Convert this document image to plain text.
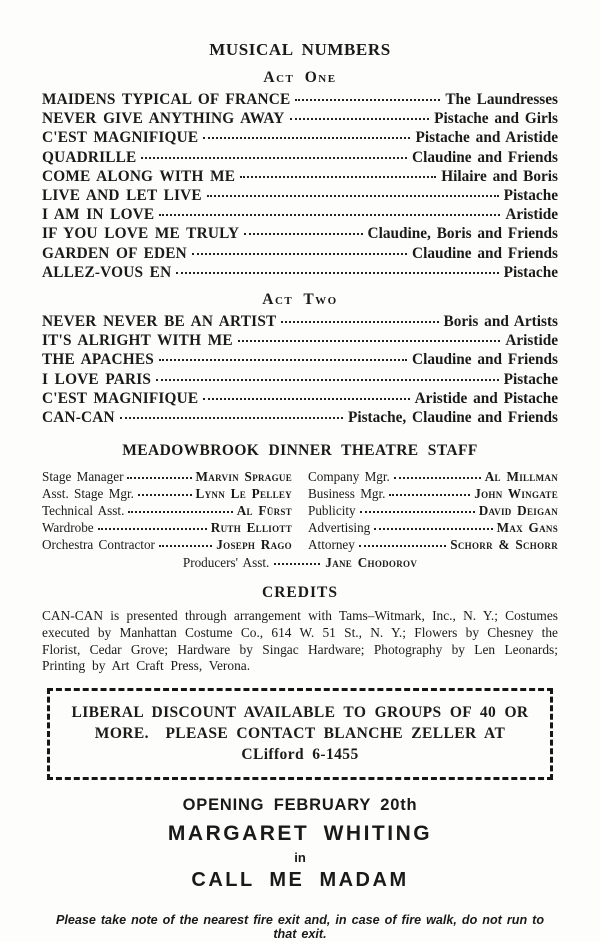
MUSICAL NUMBERS
Act One
MAIDENS TYPICAL OF FRANCE	The Laundresses
NEVER GIVE ANYTHING AWAY	Pistache and Girls
C'EST MAGNIFIQUE	Pistache and Aristide
QUADRILLE	Claudine and Friends
COME ALONG WITH ME	Hilaire and Boris
LIVE AND LET LIVE	Pistache
I AM IN LOVE	Aristide
IF YOU LOVE ME TRULY	Claudine, Boris and Friends
GARDEN OF EDEN	Claudine and Friends
ALLEZ-VOUS EN	Pistache
Act Two
NEVER NEVER BE AN ARTIST	Boris and Artists
IT'S ALRIGHT WITH ME	Aristide
THE APACHES	Claudine and Friends
I LOVE PARIS	Pistache
C'EST MAGNIFIQUE	Aristide and Pistache
CAN-CAN	Pistache, Claudine and Friends
MEADOWBROOK DINNER THEATRE STAFF
Stage Manager	Marvin Sprague
Asst. Stage Mgr.	Lynn Le Pelley
Technical Asst.	Al Fürst
Wardrobe	Ruth Elliott
Orchestra Contractor	Joseph Rago
Company Mgr.	Al Millman
Business Mgr.	John Wingate
Publicity	David Deigan
Advertising	Max Gans
Attorney	Schorr & Schorr
Producers' Asst.	Jane Chodorov
CREDITS

CAN-CAN is presented through arrangement with Tams–Witmark, Inc., N. Y.; Costumes executed by Manhattan Costume Co., 614 W. 51 St., N. Y.; Flowers by Chesney the Florist, Cedar Grove; Hardware by Singac Hardware; Photography by Len Leonards; Printing by Art Craft Press, Verona.

LIBERAL DISCOUNT AVAILABLE TO GROUPS OF 40 OR
MORE.  PLEASE CONTACT BLANCHE ZELLER AT
CLifford 6-1455
OPENING FEBRUARY 20th
MARGARET WHITING
in
CALL ME MADAM
Please take note of the nearest fire exit and, in case of fire walk, do not run to that exit.
